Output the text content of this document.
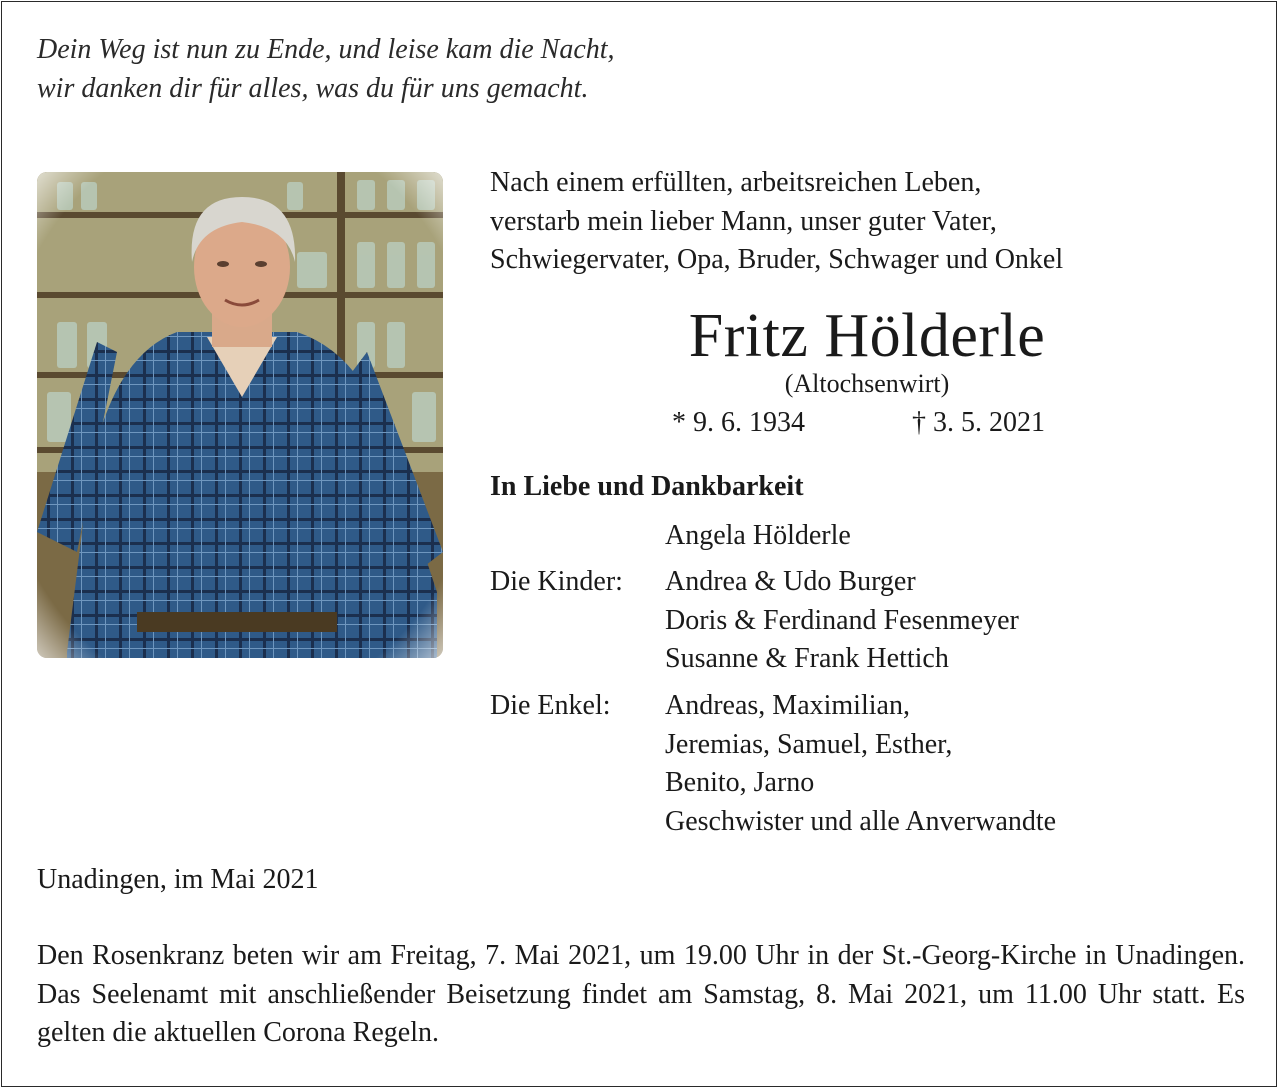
Dein Weg ist nun zu Ende, und leise kam die Nacht,
wir danken dir für alles, was du für uns gemacht.
Nach einem erfüllten, arbeitsreichen Leben,
verstarb mein lieber Mann, unser guter Vater,
Schwiegervater, Opa, Bruder, Schwager und Onkel
Fritz Hölderle
(Altochsenwirt)
* 9. 6. 1934	† 3. 5. 2021
In Liebe und Dankbarkeit
Angela Hölderle
Die Kinder: Andrea & Udo Burger
Doris & Ferdinand Fesenmeyer
Susanne & Frank Hettich
Die Enkel: Andreas, Maximilian,
Jeremias, Samuel, Esther,
Benito, Jarno
Geschwister und alle Anverwandte
Unadingen, im Mai 2021
Den Rosenkranz beten wir am Freitag, 7. Mai 2021, um 19.00 Uhr in der St.-Georg-Kirche in Unadingen. Das Seelenamt mit anschließender Beisetzung findet am Samstag, 8. Mai 2021, um 11.00 Uhr statt. Es gelten die aktuellen Corona Regeln.
